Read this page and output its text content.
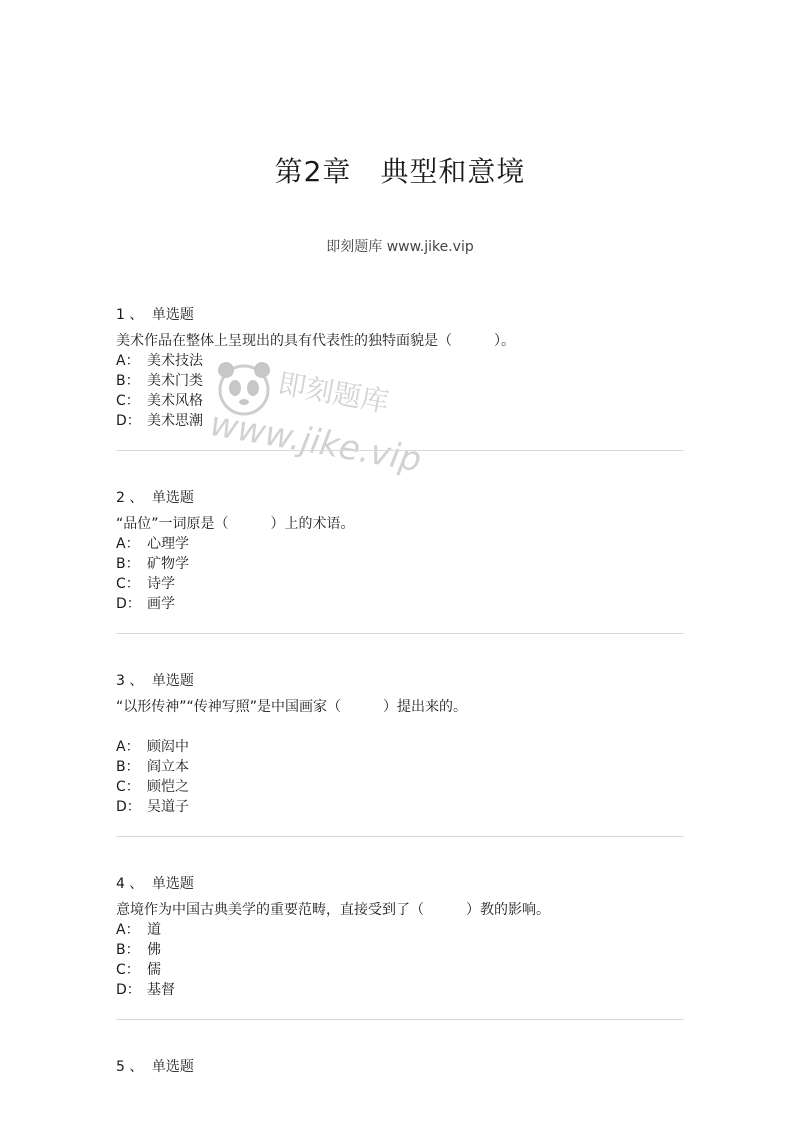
第2章　典型和意境
即刻题库 www.jike.vip
即刻题库
www.jike.vip
1 、 单选题
美术作品在整体上呈现出的具有代表性的独特面貌是（　　　）。
A： 美术技法
B： 美术门类
C： 美术风格
D： 美术思潮
2 、 单选题
“品位”一词原是（　　　）上的术语。
A： 心理学
B： 矿物学
C： 诗学
D： 画学
3 、 单选题
“以形传神”“传神写照”是中国画家（　　　）提出来的。
A： 顾闳中
B： 阎立本
C： 顾恺之
D： 吴道子
4 、 单选题
意境作为中国古典美学的重要范畴，直接受到了（　　　）教的影响。
A： 道
B： 佛
C： 儒
D： 基督
5 、 单选题
